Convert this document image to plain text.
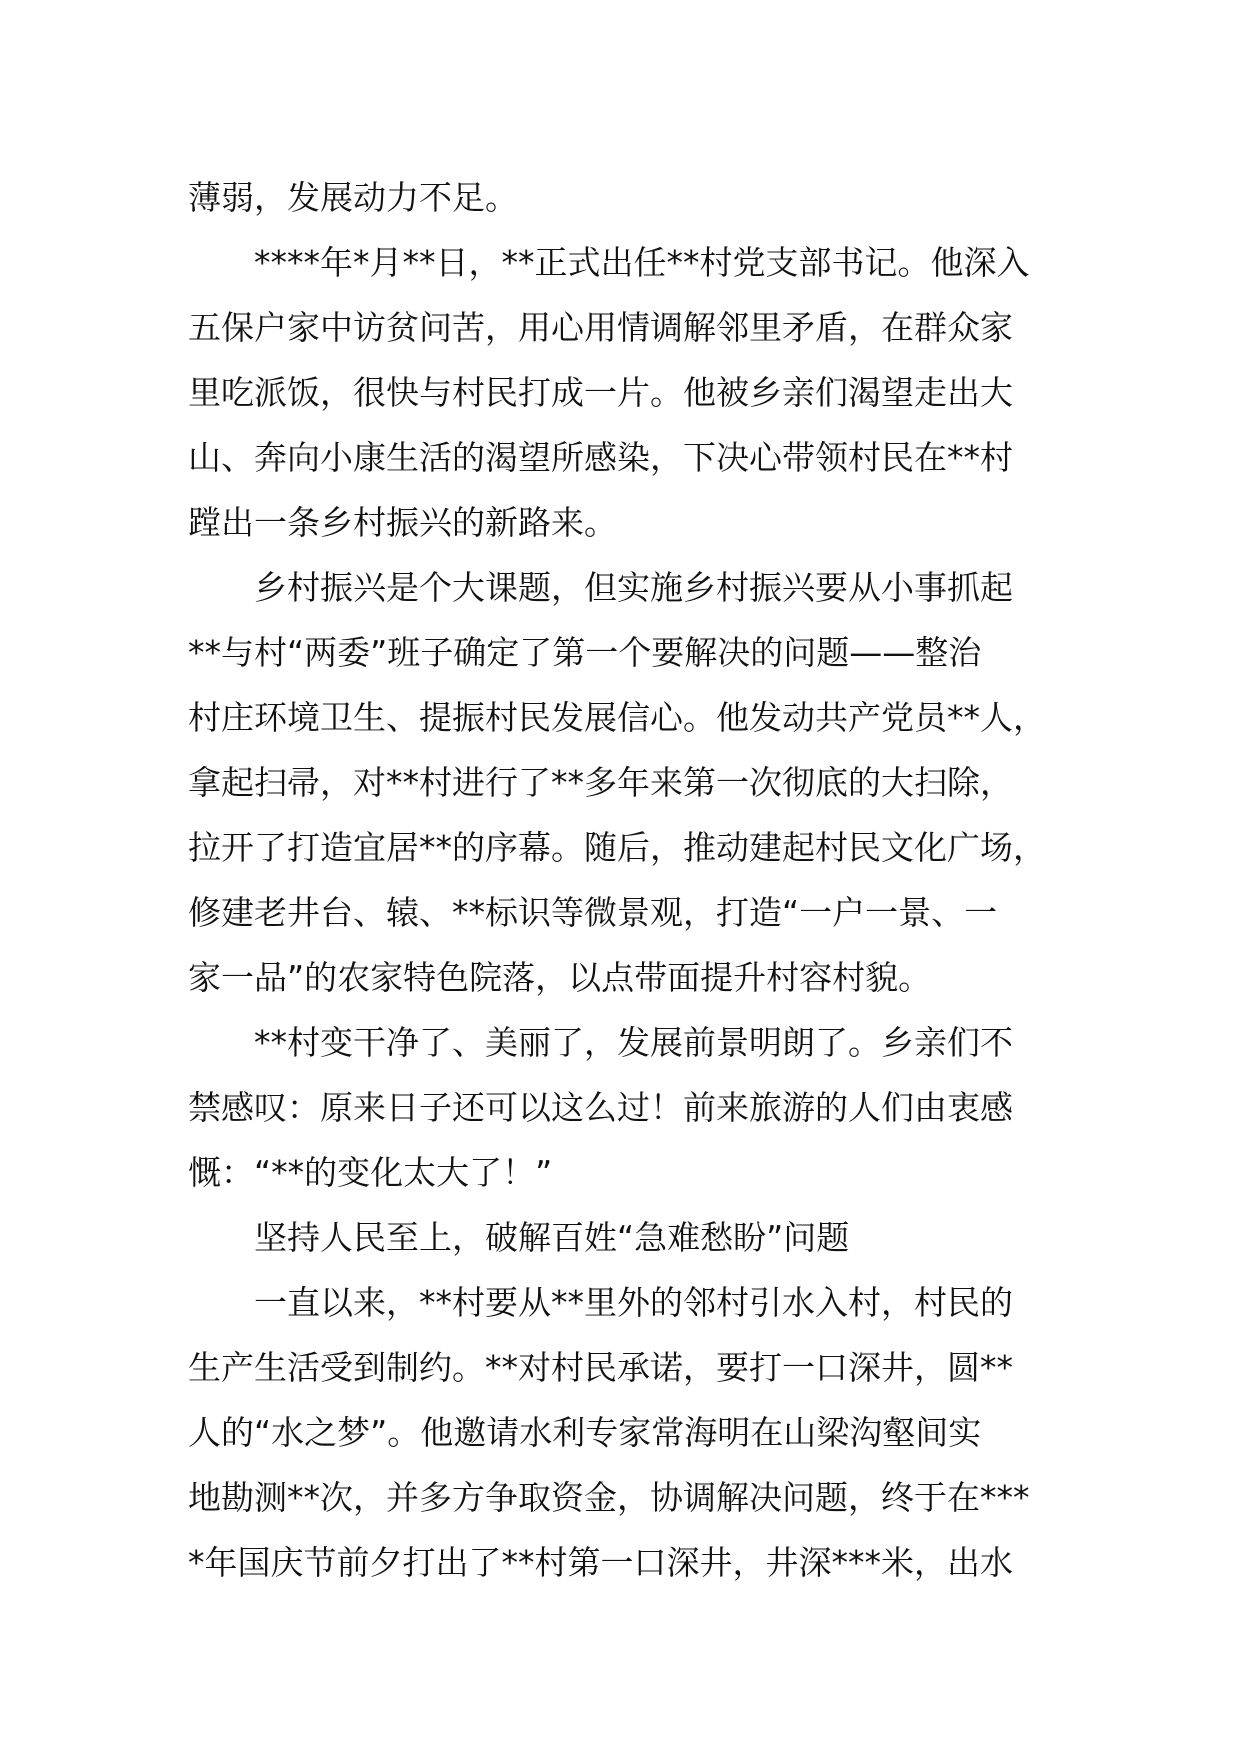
薄弱，发展动力不足。
****年*月**日，**正式出任**村党支部书记。他深入
五保户家中访贫问苦，用心用情调解邻里矛盾，在群众家
里吃派饭，很快与村民打成一片。他被乡亲们渴望走出大
山、奔向小康生活的渴望所感染，下决心带领村民在**村
蹚出一条乡村振兴的新路来。
乡村振兴是个大课题，但实施乡村振兴要从小事抓起
**与村“两委”班子确定了第一个要解决的问题——整治
村庄环境卫生、提振村民发展信心。他发动共产党员**人，
拿起扫帚，对**村进行了**多年来第一次彻底的大扫除，
拉开了打造宜居**的序幕。随后，推动建起村民文化广场，
修建老井台、辕、**标识等微景观，打造“一户一景、一
家一品”的农家特色院落，以点带面提升村容村貌。
**村变干净了、美丽了，发展前景明朗了。乡亲们不
禁感叹：原来日子还可以这么过！前来旅游的人们由衷感
慨：“**的变化太大了！”
坚持人民至上，破解百姓“急难愁盼”问题
一直以来，**村要从**里外的邻村引水入村，村民的
生产生活受到制约。**对村民承诺，要打一口深井，圆**
人的“水之梦”。他邀请水利专家常海明在山梁沟壑间实
地勘测**次，并多方争取资金，协调解决问题，终于在***
*年国庆节前夕打出了**村第一口深井，井深***米，出水
